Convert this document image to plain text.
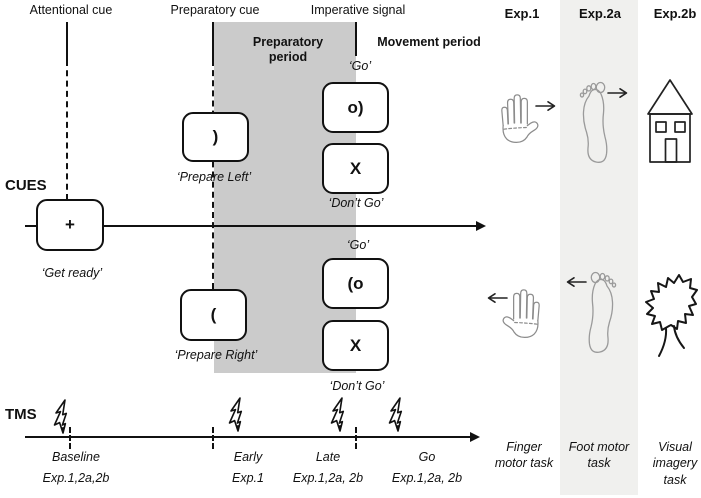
Attentional cue	Preparatory cue	Imperative signal	Exp.1	Exp.2a	Exp.2b
Preparatory period
Movement period
+
)
o)
X
(o
(
X
‘Get ready’
‘Prepare Left’
‘Go’
‘Don’t Go’
‘Go’
‘Prepare Right’
‘Don’t Go’
CUES
TMS
Baseline
Exp.1,2a,2b
Early
Exp.1
Late
Exp.1,2a, 2b
Go
Exp.1,2a, 2b
Finger motor task
Foot motor task
Visual imagery task
